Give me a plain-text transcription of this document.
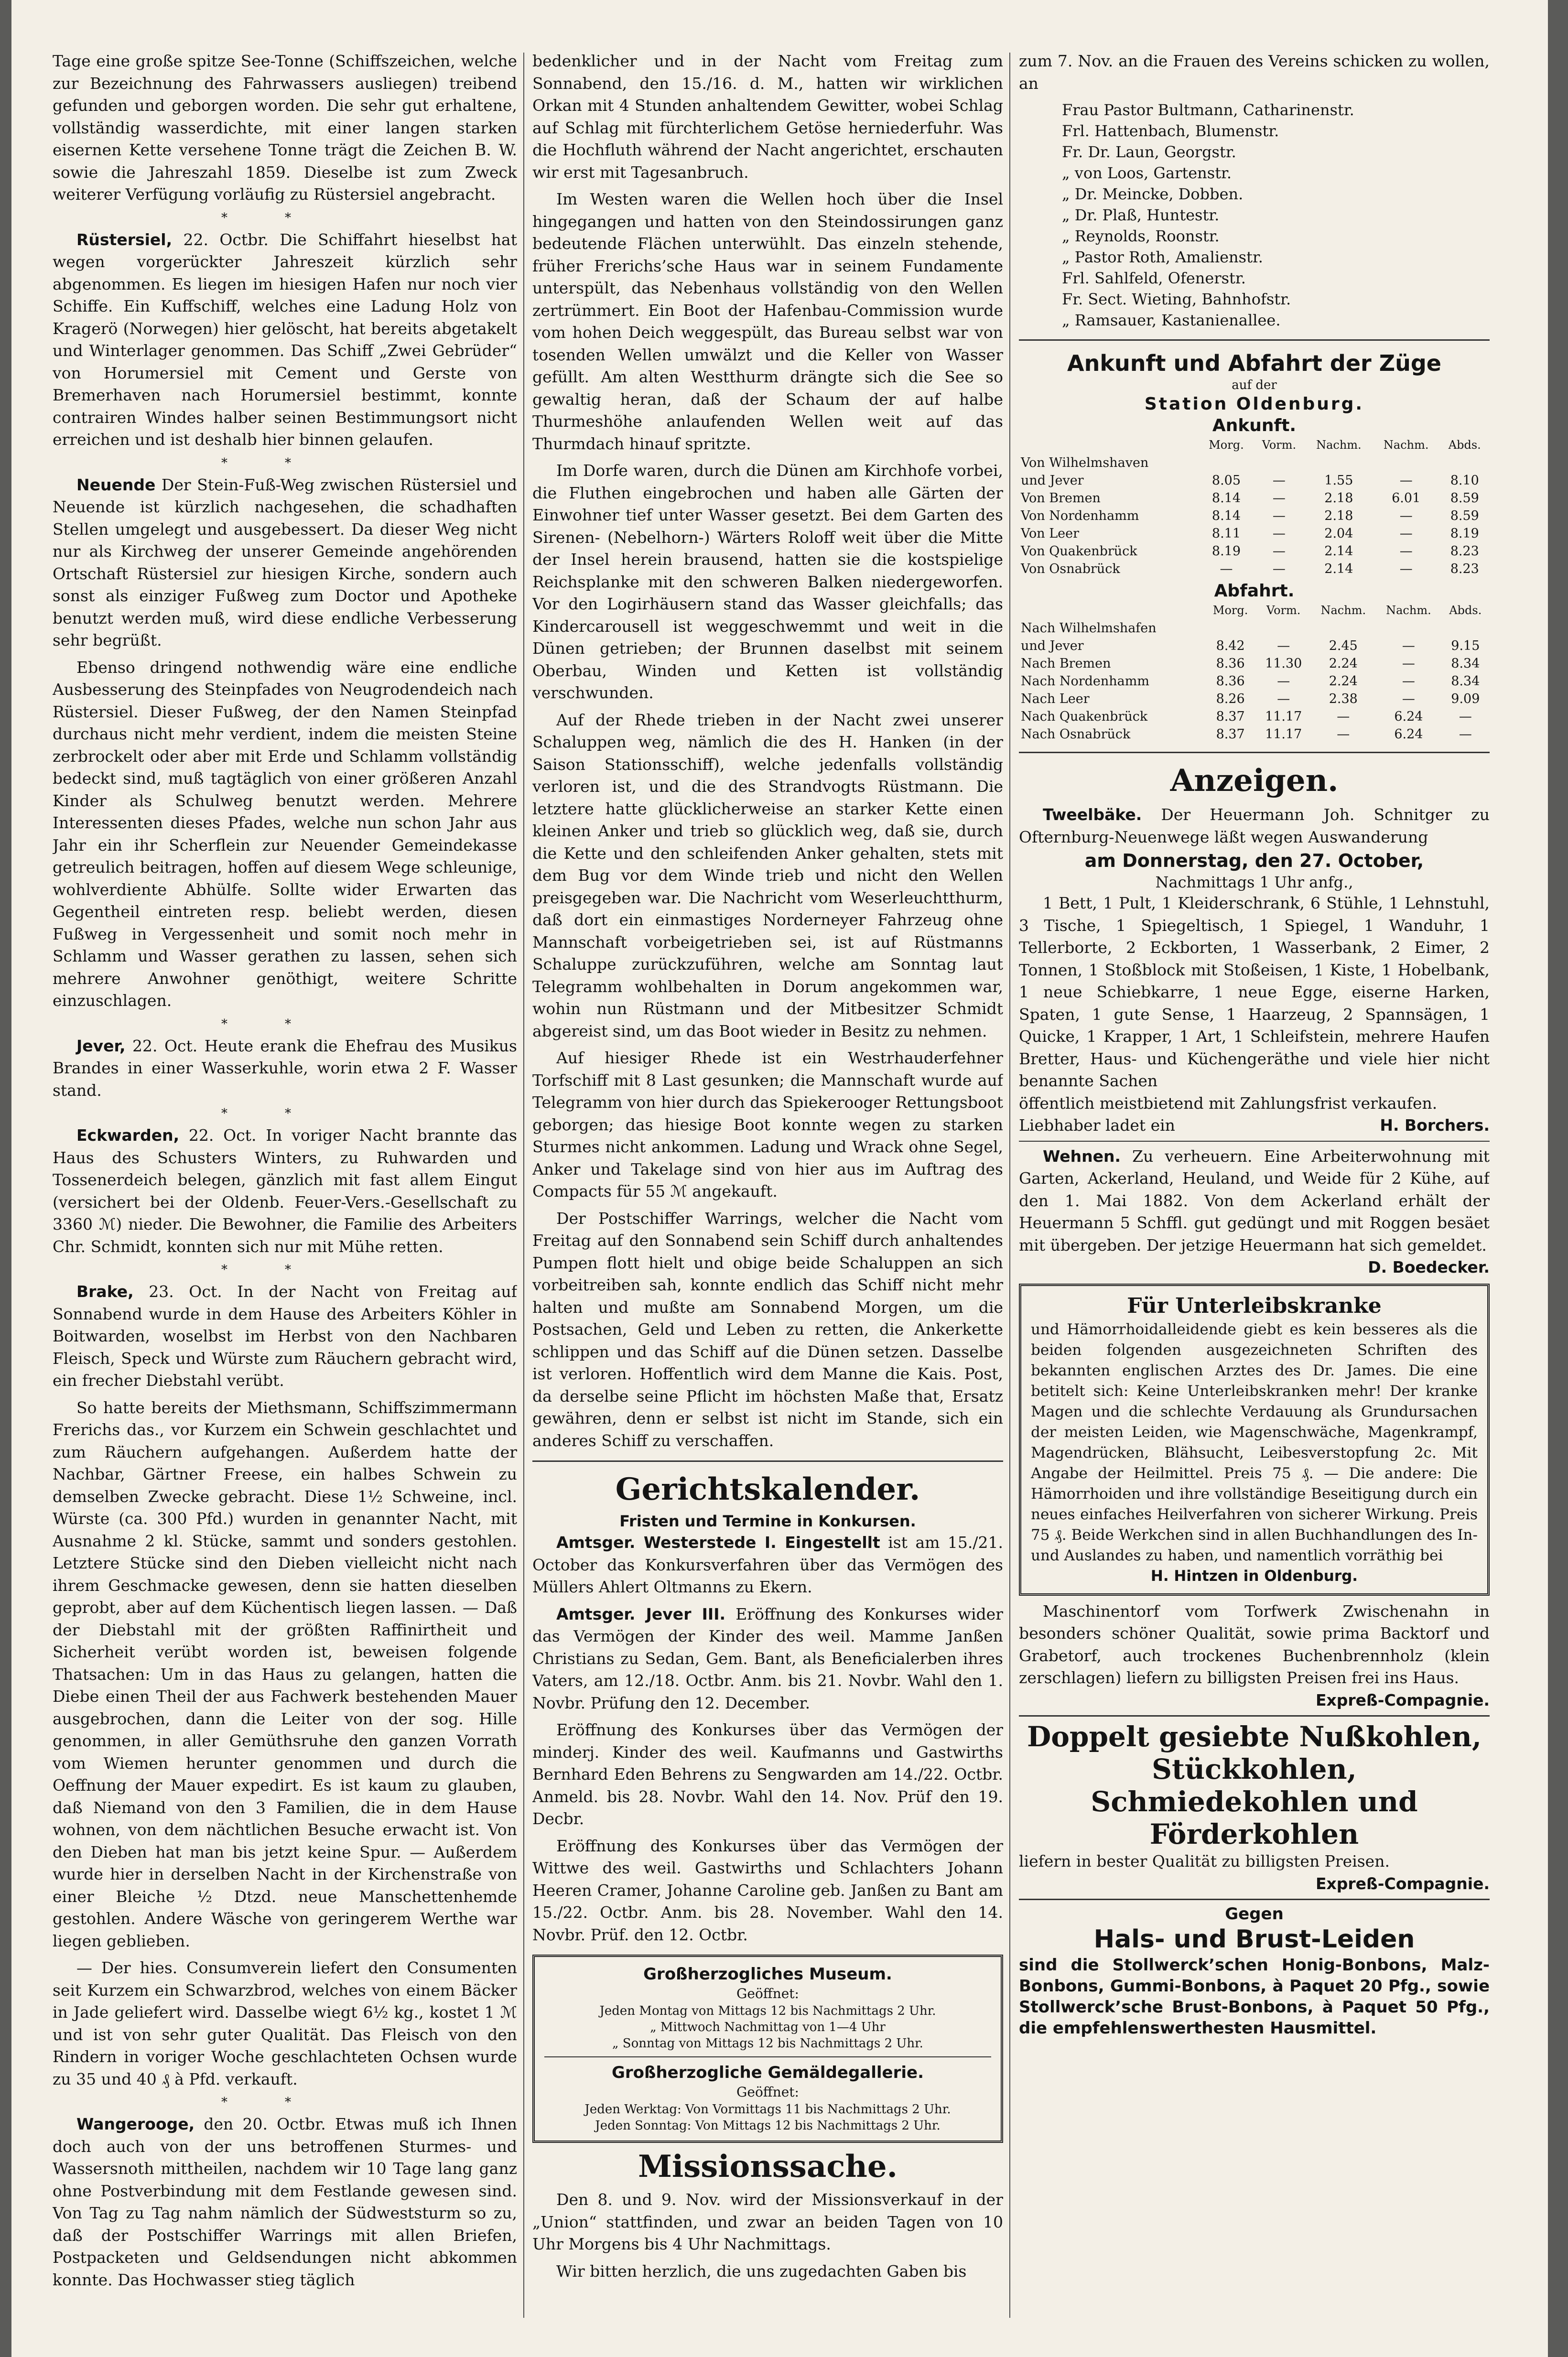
Tage eine große spitze See-Tonne (Schiffszeichen, welche zur Bezeichnung des Fahrwassers ausliegen) treibend gefunden und geborgen worden. Die sehr gut erhaltene, vollständig wasserdichte, mit einer langen starken eisernen Kette versehene Tonne trägt die Zeichen B. W. sowie die Jahreszahl 1859. Dieselbe ist zum Zweck weiterer Verfügung vorläufig zu Rüstersiel angebracht.

**

Rüstersiel, 22. Octbr. Die Schiffahrt hieselbst hat wegen vorgerückter Jahreszeit kürzlich sehr abgenommen. Es liegen im hiesigen Hafen nur noch vier Schiffe. Ein Kuffschiff, welches eine Ladung Holz von Kragerö (Norwegen) hier gelöscht, hat bereits abgetakelt und Winterlager genommen. Das Schiff „Zwei Gebrüder“ von Horumersiel mit Cement und Gerste von Bremerhaven nach Horumersiel bestimmt, konnte contrairen Windes halber seinen Bestimmungsort nicht erreichen und ist deshalb hier binnen gelaufen.

**

Neuende Der Stein-Fuß-Weg zwischen Rüstersiel und Neuende ist kürzlich nachgesehen, die schadhaften Stellen umgelegt und ausgebessert. Da dieser Weg nicht nur als Kirchweg der unserer Gemeinde angehörenden Ortschaft Rüstersiel zur hiesigen Kirche, sondern auch sonst als einziger Fußweg zum Doctor und Apotheke benutzt werden muß, wird diese endliche Verbesserung sehr begrüßt.

Ebenso dringend nothwendig wäre eine endliche Ausbesserung des Steinpfades von Neugrodendeich nach Rüstersiel. Dieser Fußweg, der den Namen Steinpfad durchaus nicht mehr verdient, indem die meisten Steine zerbrockelt oder aber mit Erde und Schlamm vollständig bedeckt sind, muß tagtäglich von einer größeren Anzahl Kinder als Schulweg benutzt werden. Mehrere Interessenten dieses Pfades, welche nun schon Jahr aus Jahr ein ihr Scherflein zur Neuender Gemeindekasse getreulich beitragen, hoffen auf diesem Wege schleunige, wohlverdiente Abhülfe. Sollte wider Erwarten das Gegentheil eintreten resp. beliebt werden, diesen Fußweg in Vergessenheit und somit noch mehr in Schlamm und Wasser gerathen zu lassen, sehen sich mehrere Anwohner genöthigt, weitere Schritte einzuschlagen.

**

Jever, 22. Oct. Heute erank die Ehefrau des Musikus Brandes in einer Wasserkuhle, worin etwa 2 F. Wasser stand.

**

Eckwarden, 22. Oct. In voriger Nacht brannte das Haus des Schusters Winters, zu Ruhwarden und Tossenerdeich belegen, gänzlich mit fast allem Eingut (versichert bei der Oldenb. Feuer-Vers.-Gesellschaft zu 3360 ℳ) nieder. Die Bewohner, die Familie des Arbeiters Chr. Schmidt, konnten sich nur mit Mühe retten.

**

Brake, 23. Oct. In der Nacht von Freitag auf Sonnabend wurde in dem Hause des Arbeiters Köhler in Boitwarden, woselbst im Herbst von den Nachbaren Fleisch, Speck und Würste zum Räuchern gebracht wird, ein frecher Diebstahl verübt.

So hatte bereits der Miethsmann, Schiffszimmermann Frerichs das., vor Kurzem ein Schwein geschlachtet und zum Räuchern aufgehangen. Außerdem hatte der Nachbar, Gärtner Freese, ein halbes Schwein zu demselben Zwecke gebracht. Diese 1½ Schweine, incl. Würste (ca. 300 Pfd.) wurden in genannter Nacht, mit Ausnahme 2 kl. Stücke, sammt und sonders gestohlen. Letztere Stücke sind den Dieben vielleicht nicht nach ihrem Geschmacke gewesen, denn sie hatten dieselben geprobt, aber auf dem Küchentisch liegen lassen. — Daß der Diebstahl mit der größten Raffinirtheit und Sicherheit verübt worden ist, beweisen folgende Thatsachen: Um in das Haus zu gelangen, hatten die Diebe einen Theil der aus Fachwerk bestehenden Mauer ausgebrochen, dann die Leiter von der sog. Hille genommen, in aller Gemüthsruhe den ganzen Vorrath vom Wiemen herunter genommen und durch die Oeffnung der Mauer expedirt. Es ist kaum zu glauben, daß Niemand von den 3 Familien, die in dem Hause wohnen, von dem nächtlichen Besuche erwacht ist. Von den Dieben hat man bis jetzt keine Spur. — Außerdem wurde hier in derselben Nacht in der Kirchenstraße von einer Bleiche ½ Dtzd. neue Manschettenhemde gestohlen. Andere Wäsche von geringerem Werthe war liegen geblieben.

— Der hies. Consumverein liefert den Consumenten seit Kurzem ein Schwarzbrod, welches von einem Bäcker in Jade geliefert wird. Dasselbe wiegt 6½ kg., kostet 1 ℳ und ist von sehr guter Qualität. Das Fleisch von den Rindern in voriger Woche geschlachteten Ochsen wurde zu 35 und 40 ₰ à Pfd. verkauft.

**

Wangerooge, den 20. Octbr. Etwas muß ich Ihnen doch auch von der uns betroffenen Sturmes- und Wassersnoth mittheilen, nachdem wir 10 Tage lang ganz ohne Postverbindung mit dem Festlande gewesen sind. Von Tag zu Tag nahm nämlich der Südweststurm so zu, daß der Postschiffer Warrings mit allen Briefen, Postpacketen und Geldsendungen nicht abkommen konnte. Das Hochwasser stieg täglich

bedenklicher und in der Nacht vom Freitag zum Sonnabend, den 15./16. d. M., hatten wir wirklichen Orkan mit 4 Stunden anhaltendem Gewitter, wobei Schlag auf Schlag mit fürchterlichem Getöse herniederfuhr. Was die Hochfluth während der Nacht angerichtet, erschauten wir erst mit Tagesanbruch.

Im Westen waren die Wellen hoch über die Insel hingegangen und hatten von den Steindossirungen ganz bedeutende Flächen unterwühlt. Das einzeln stehende, früher Frerichs’sche Haus war in seinem Fundamente unterspült, das Nebenhaus vollständig von den Wellen zertrümmert. Ein Boot der Hafenbau-Commission wurde vom hohen Deich weggespült, das Bureau selbst war von tosenden Wellen umwälzt und die Keller von Wasser gefüllt. Am alten Westthurm drängte sich die See so gewaltig heran, daß der Schaum der auf halbe Thurmeshöhe anlaufenden Wellen weit auf das Thurmdach hinauf spritzte.

Im Dorfe waren, durch die Dünen am Kirchhofe vorbei, die Fluthen eingebrochen und haben alle Gärten der Einwohner tief unter Wasser gesetzt. Bei dem Garten des Sirenen- (Nebelhorn-) Wärters Roloff weit über die Mitte der Insel herein brausend, hatten sie die kostspielige Reichsplanke mit den schweren Balken niedergeworfen. Vor den Logirhäusern stand das Wasser gleichfalls; das Kindercarousell ist weggeschwemmt und weit in die Dünen getrieben; der Brunnen daselbst mit seinem Oberbau, Winden und Ketten ist vollständig verschwunden.

Auf der Rhede trieben in der Nacht zwei unserer Schaluppen weg, nämlich die des H. Hanken (in der Saison Stationsschiff), welche jedenfalls vollständig verloren ist, und die des Strandvogts Rüstmann. Die letztere hatte glücklicherweise an starker Kette einen kleinen Anker und trieb so glücklich weg, daß sie, durch die Kette und den schleifenden Anker gehalten, stets mit dem Bug vor dem Winde trieb und nicht den Wellen preisgegeben war. Die Nachricht vom Weserleuchtthurm, daß dort ein einmastiges Norderneyer Fahrzeug ohne Mannschaft vorbeigetrieben sei, ist auf Rüstmanns Schaluppe zurückzuführen, welche am Sonntag laut Telegramm wohlbehalten in Dorum angekommen war, wohin nun Rüstmann und der Mitbesitzer Schmidt abgereist sind, um das Boot wieder in Besitz zu nehmen.

Auf hiesiger Rhede ist ein Westrhauderfehner Torfschiff mit 8 Last gesunken; die Mannschaft wurde auf Telegramm von hier durch das Spiekerooger Rettungsboot geborgen; das hiesige Boot konnte wegen zu starken Sturmes nicht ankommen. Ladung und Wrack ohne Segel, Anker und Takelage sind von hier aus im Auftrag des Compacts für 55 ℳ angekauft.

Der Postschiffer Warrings, welcher die Nacht vom Freitag auf den Sonnabend sein Schiff durch anhaltendes Pumpen flott hielt und obige beide Schaluppen an sich vorbeitreiben sah, konnte endlich das Schiff nicht mehr halten und mußte am Sonnabend Morgen, um die Postsachen, Geld und Leben zu retten, die Ankerkette schlippen und das Schiff auf die Dünen setzen. Dasselbe ist verloren. Hoffentlich wird dem Manne die Kais. Post, da derselbe seine Pflicht im höchsten Maße that, Ersatz gewähren, denn er selbst ist nicht im Stande, sich ein anderes Schiff zu verschaffen.

Gerichtskalender.
Fristen und Termine in Konkursen.

Amtsger. Westerstede I. Eingestellt ist am 15./21. October das Konkursverfahren über das Vermögen des Müllers Ahlert Oltmanns zu Ekern.

Amtsger. Jever III. Eröffnung des Konkurses wider das Vermögen der Kinder des weil. Mamme Janßen Christians zu Sedan, Gem. Bant, als Beneficialerben ihres Vaters, am 12./18. Octbr. Anm. bis 21. Novbr. Wahl den 1. Novbr. Prüfung den 12. December.

Eröffnung des Konkurses über das Vermögen der minderj. Kinder des weil. Kaufmanns und Gastwirths Bernhard Eden Behrens zu Sengwarden am 14./22. Octbr. Anmeld. bis 28. Novbr. Wahl den 14. Nov. Prüf den 19. Decbr.

Eröffnung des Konkurses über das Vermögen der Wittwe des weil. Gastwirths und Schlachters Johann Heeren Cramer, Johanne Caroline geb. Janßen zu Bant am 15./22. Octbr. Anm. bis 28. November. Wahl den 14. Novbr. Prüf. den 12. Octbr.

Großherzogliches Museum.
Geöffnet:
Jeden Montag von Mittags 12 bis Nachmittags 2 Uhr.
„ Mittwoch Nachmittag von 1—4 Uhr
„ Sonntag von Mittags 12 bis Nachmittags 2 Uhr.
Großherzogliche Gemäldegallerie.
Geöffnet:
Jeden Werktag: Von Vormittags 11 bis Nachmittags 2 Uhr.
Jeden Sonntag: Von Mittags 12 bis Nachmittags 2 Uhr.
Missionssache.

Den 8. und 9. Nov. wird der Missionsverkauf in der „Union“ stattfinden, und zwar an beiden Tagen von 10 Uhr Morgens bis 4 Uhr Nachmittags.

Wir bitten herzlich, die uns zugedachten Gaben bis

zum 7. Nov. an die Frauen des Vereins schicken zu wollen, an

Frau Pastor Bultmann, Catharinenstr.
Frl. Hattenbach, Blumenstr.
Fr. Dr. Laun, Georgstr.
„ von Loos, Gartenstr.
„ Dr. Meincke, Dobben.
„ Dr. Plaß, Huntestr.
„ Reynolds, Roonstr.
„ Pastor Roth, Amalienstr.
Frl. Sahlfeld, Ofenerstr.
Fr. Sect. Wieting, Bahnhofstr.
„ Ramsauer, Kastanienallee.
Ankunft und Abfahrt der Züge
auf der
Station Oldenburg.
Ankunft.
	Morg.	Vorm.	Nachm.	Nachm.	Abds.
Von Wilhelmshaven					
und Jever	8.05	—	1.55	—	8.10
Von Bremen	8.14	—	2.18	6.01	8.59
Von Nordenhamm	8.14	—	2.18	—	8.59
Von Leer	8.11	—	2.04	—	8.19
Von Quakenbrück	8.19	—	2.14	—	8.23
Von Osnabrück	—	—	2.14	—	8.23
Abfahrt.
	Morg.	Vorm.	Nachm.	Nachm.	Abds.
Nach Wilhelmshafen					
und Jever	8.42	—	2.45	—	9.15
Nach Bremen	8.36	11.30	2.24	—	8.34
Nach Nordenhamm	8.36	—	2.24	—	8.34
Nach Leer	8.26	—	2.38	—	9.09
Nach Quakenbrück	8.37	11.17	—	6.24	—
Nach Osnabrück	8.37	11.17	—	6.24	—
Anzeigen.

Tweelbäke. Der Heuermann Joh. Schnitger zu Ofternburg-Neuenwege läßt wegen Auswanderung

am Donnerstag, den 27. October,
Nachmittags 1 Uhr anfg.,

1 Bett, 1 Pult, 1 Kleiderschrank, 6 Stühle, 1 Lehnstuhl, 3 Tische, 1 Spiegeltisch, 1 Spiegel, 1 Wanduhr, 1 Tellerborte, 2 Eckborten, 1 Wasserbank, 2 Eimer, 2 Tonnen, 1 Stoßblock mit Stoßeisen, 1 Kiste, 1 Hobelbank, 1 neue Schiebkarre, 1 neue Egge, eiserne Harken, Spaten, 1 gute Sense, 1 Haarzeug, 2 Spannsägen, 1 Quicke, 1 Krapper, 1 Art, 1 Schleifstein, mehrere Haufen Bretter, Haus- und Küchengeräthe und viele hier nicht benannte Sachen

öffentlich meistbietend mit Zahlungsfrist verkaufen.

Liebhaber ladet ein	H. Borchers.

Wehnen. Zu verheuern. Eine Arbeiterwohnung mit Garten, Ackerland, Heuland, und Weide für 2 Kühe, auf den 1. Mai 1882. Von dem Ackerland erhält der Heuermann 5 Schffl. gut gedüngt und mit Roggen besäet mit übergeben. Der jetzige Heuermann hat sich gemeldet.

D. Boedecker.

Für Unterleibskranke

und Hämorrhoidalleidende giebt es kein besseres als die beiden folgenden ausgezeichneten Schriften des bekannten englischen Arztes des Dr. James. Die eine betitelt sich: Keine Unterleibskranken mehr! Der kranke Magen und die schlechte Verdauung als Grundursachen der meisten Leiden, wie Magenschwäche, Magenkrampf, Magendrücken, Blähsucht, Leibesverstopfung 2c. Mit Angabe der Heilmittel. Preis 75 ₰. — Die andere: Die Hämorrhoiden und ihre vollständige Beseitigung durch ein neues einfaches Heilverfahren von sicherer Wirkung. Preis 75 ₰. Beide Werkchen sind in allen Buchhandlungen des In- und Auslandes zu haben, und namentlich vorräthig bei

H. Hintzen in Oldenburg.

Maschinentorf vom Torfwerk Zwischenahn in besonders schöner Qualität, sowie prima Backtorf und Grabetorf, auch trockenes Buchenbrennholz (klein zerschlagen) liefern zu billigsten Preisen frei ins Haus.

Expreß-Compagnie.

Doppelt gesiebte Nußkohlen, Stückkohlen, Schmiedekohlen und Förderkohlen

liefern in bester Qualität zu billigsten Preisen.

Expreß-Compagnie.

Gegen
Hals- und Brust-Leiden
sind die Stollwerck’schen Honig-Bonbons, Malz-Bonbons, Gummi-Bonbons, à Paquet 20 Pfg., sowie Stollwerck’sche Brust-Bonbons, à Paquet 50 Pfg., die empfehlenswerthesten Hausmittel.
